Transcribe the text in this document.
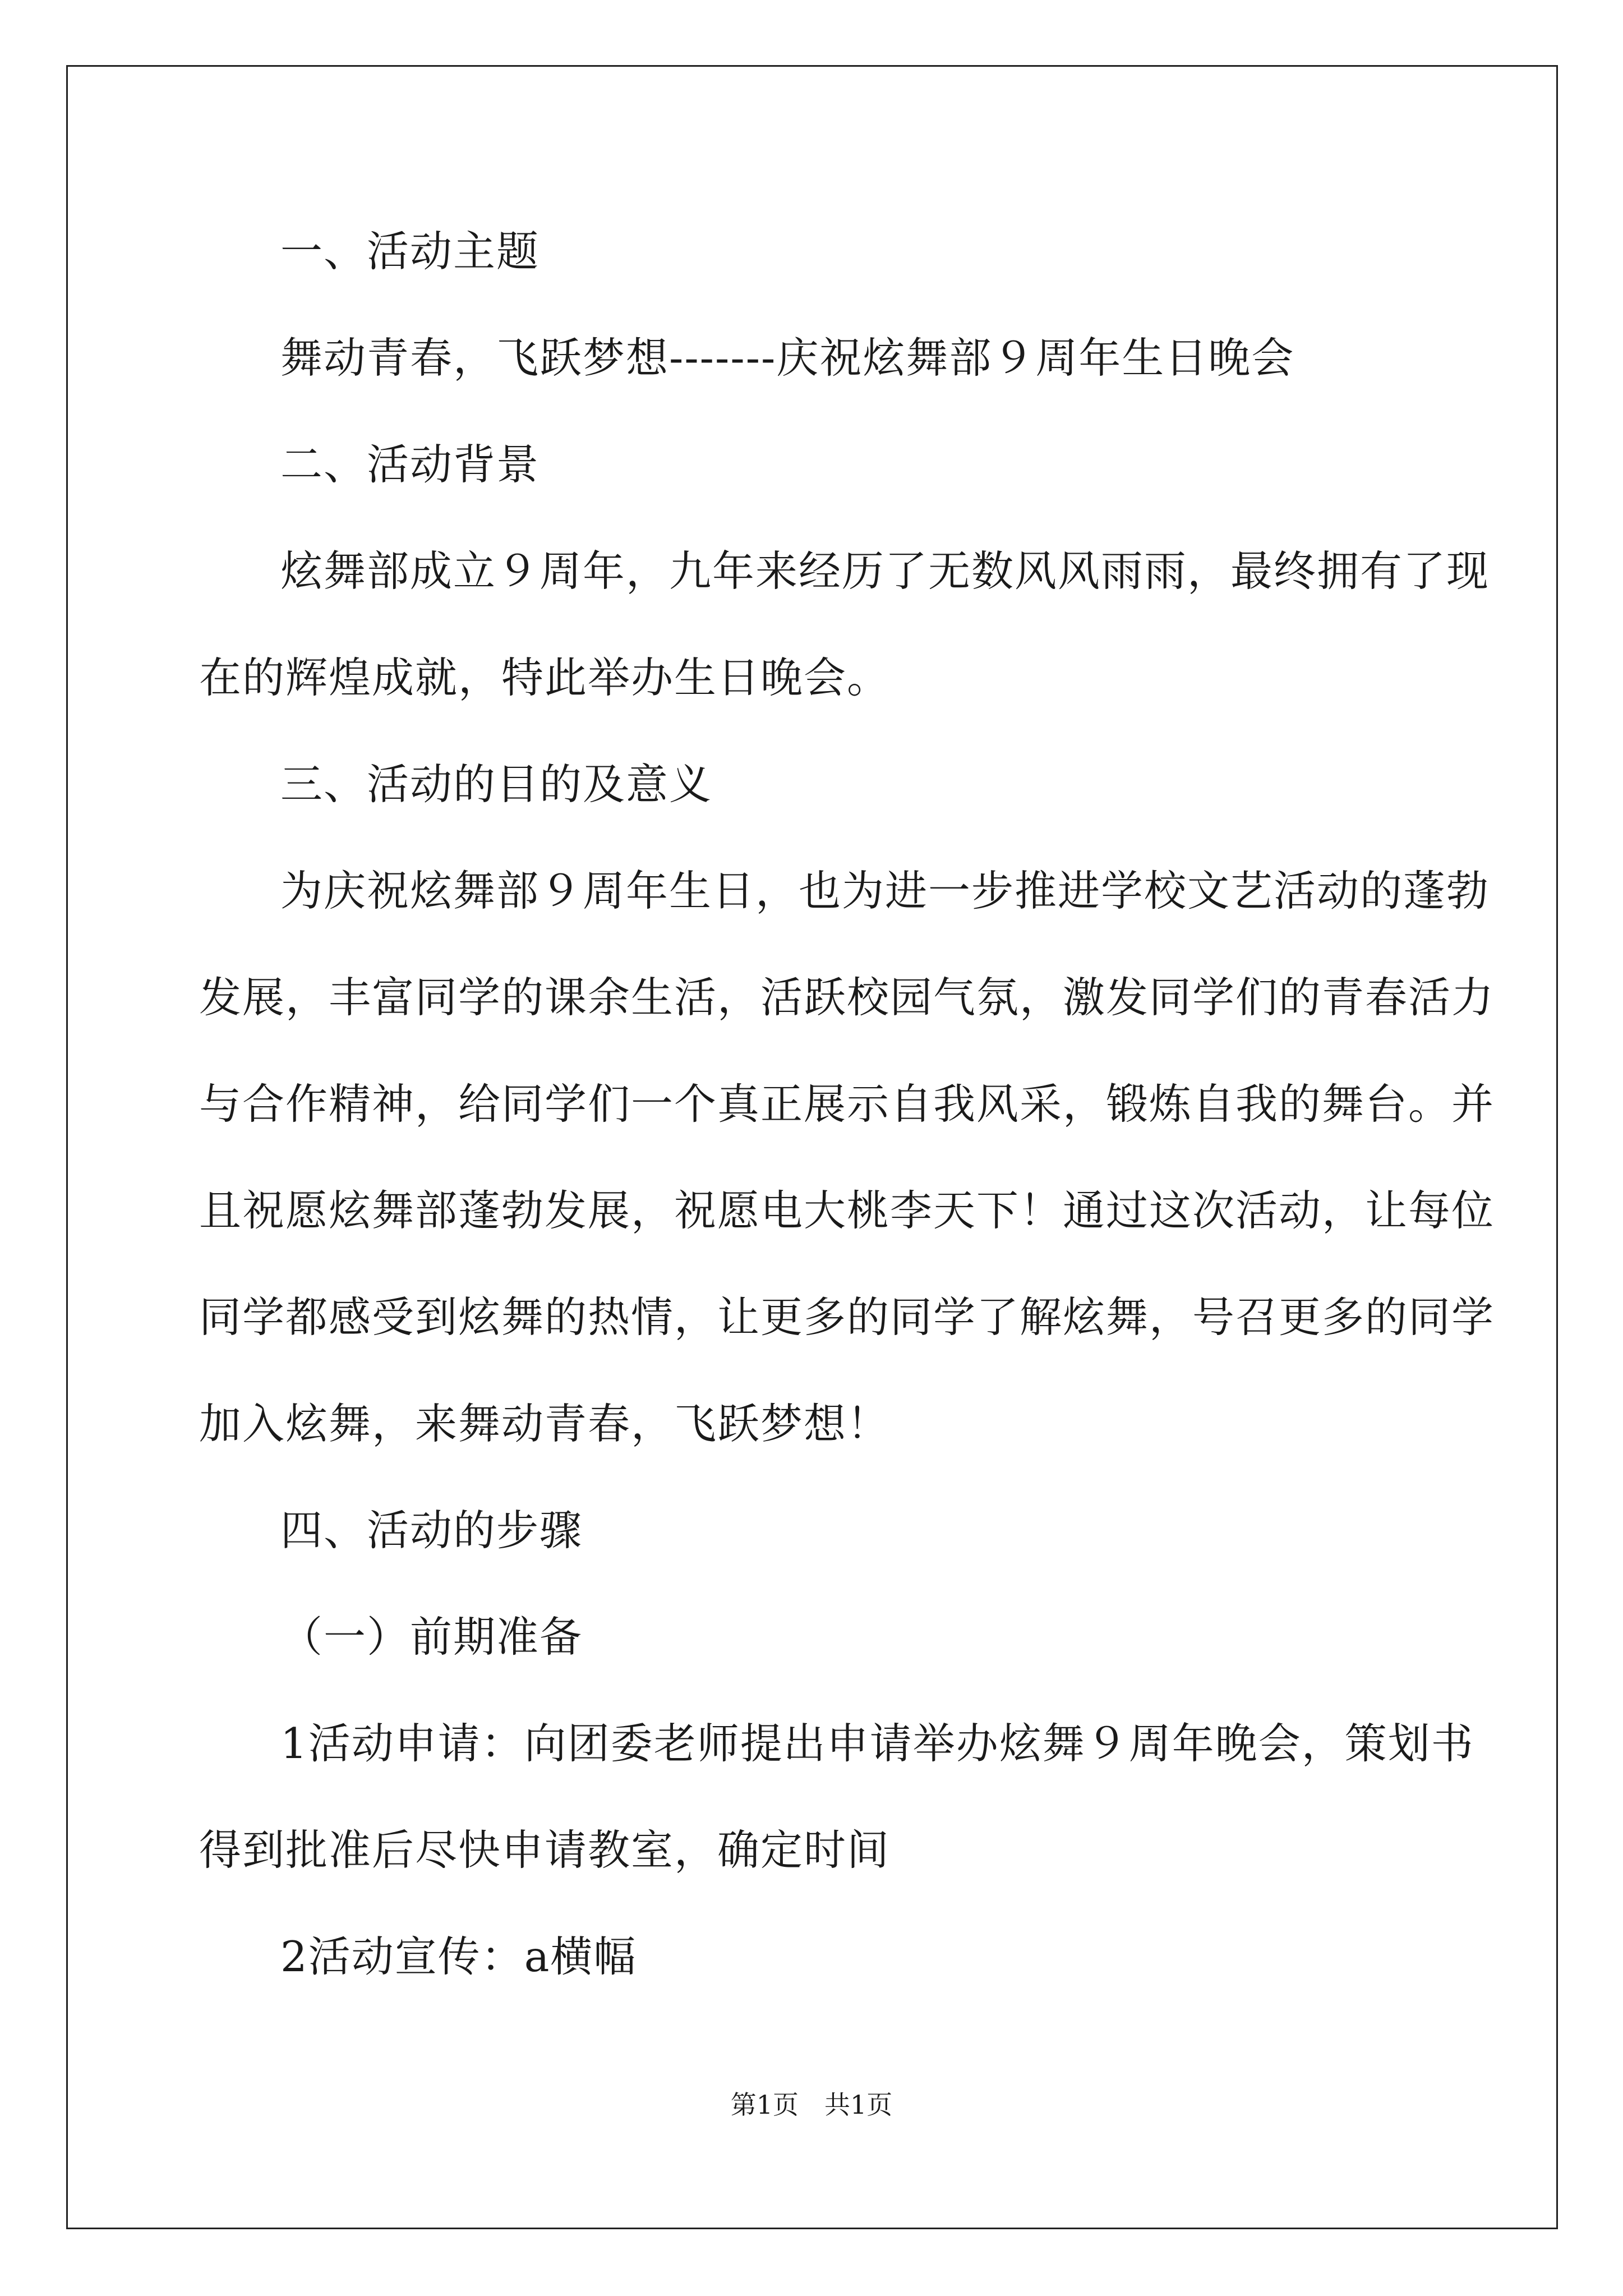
一、活动主题
舞动青春，飞跃梦想-------庆祝炫舞部９周年生日晚会
二、活动背景
炫舞部成立９周年，九年来经历了无数风风雨雨，最终拥有了现
在的辉煌成就，特此举办生日晚会。
三、活动的目的及意义
为庆祝炫舞部９周年生日，也为进一步推进学校文艺活动的蓬勃
发展，丰富同学的课余生活，活跃校园气氛，激发同学们的青春活力
与合作精神，给同学们一个真正展示自我风采，锻炼自我的舞台。并
且祝愿炫舞部蓬勃发展，祝愿电大桃李天下！通过这次活动，让每位
同学都感受到炫舞的热情，让更多的同学了解炫舞，号召更多的同学
加入炫舞，来舞动青春，飞跃梦想！
四、活动的步骤
（一）前期准备
1活动申请：向团委老师提出申请举办炫舞９周年晚会，策划书
得到批准后尽快申请教室，确定时间
2活动宣传：a横幅
第1页　共1页
